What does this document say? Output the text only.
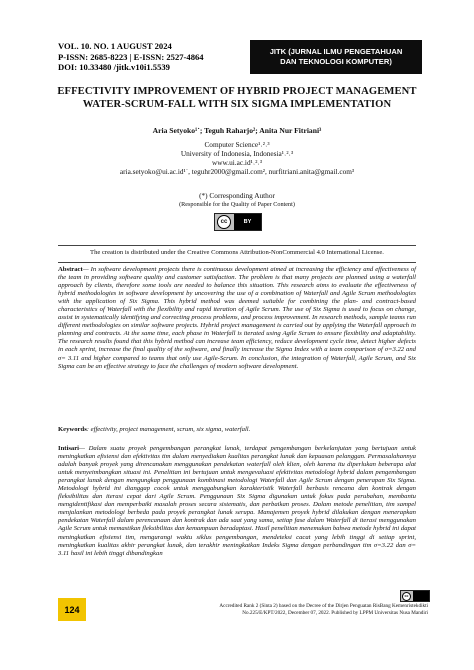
VOL. 10. NO. 1 AUGUST 2024
P-ISSN: 2685-8223 | E-ISSN: 2527-4864
DOI: 10.33480 /jitk.v10i1.5539
JITK (JURNAL ILMU PENGETAHUAN
DAN TEKNOLOGI KOMPUTER)
EFFECTIVITY IMPROVEMENT OF HYBRID PROJECT MANAGEMENT
WATER-SCRUM-FALL WITH SIX SIGMA IMPLEMENTATION
Aria Setyoko¹˙; Teguh Raharjo²; Anita Nur Fitriani³
Computer Science¹˒²˒³
University of Indonesia, Indonesia¹˒²˒³
www.ui.ac.id¹˒²˒³
aria.setyoko@ui.ac.id¹˙, teguhr2000@gmail.com², nurfitriani.anita@gmail.com³
(*) Corresponding Author
(Responsible for the Quality of Paper Content)
cc	BY
The creation is distributed under the Creative Commons Attribution-NonCommercial 4.0 International License.
Abstract— In software development projects there is continuous development aimed at increasing the efficiency and effectiveness of the team in providing software quality and customer satisfaction. The problem is that many projects are planned using a waterfall approach by clients, therefore some tools are needed to balance this situation. This research aims to evaluate the effectiveness of hybrid methodologies in software development by uncovering the use of a combination of Waterfall and Agile Scrum methodologies with the application of Six Sigma. This hybrid method was deemed suitable for combining the plan- and contract-based characteristics of Waterfall with the flexibility and rapid iteration of Agile Scrum. The use of Six Sigma is used to focus on change, assist in systematically identifying and correcting process problems, and process improvement. In research methods, sample teams run different methodologies on similar software projects. Hybrid project management is carried out by applying the Waterfall approach in planning and contracts. At the same time, each phase in Waterfall is iterated using Agile Scrum to ensure flexibility and adaptability. The research results found that this hybrid method can increase team efficiency, reduce development cycle time, detect higher defects in each sprint, increase the final quality of the software, and finally increase the Sigma Index with a team comparison of σ=3.22 and σ= 3.11 and higher compared to teams that only use Agile-Scrum. In conclusion, the integration of Waterfall, Agile Scrum, and Six Sigma can be an effective strategy to face the challenges of modern software development.
Keywords: effectivity, project management, scrum, six sigma, waterfall.
Intisari— Dalam suatu proyek pengembangan perangkat lunak, terdapat pengembangan berkelanjutan yang bertujuan untuk meningkatkan efisiensi dan efektivitas tim dalam menyediakan kualitas perangkat lunak dan kepuasan pelanggan. Permasalahannya adalah banyak proyek yang direncanakan menggunakan pendekatan waterfall oleh klien, oleh karena itu diperlukan beberapa alat untuk menyeimbangkan situasi ini. Penelitian ini bertujuan untuk mengevaluasi efektivitas metodologi hybrid dalam pengembangan perangkat lunak dengan mengungkap penggunaan kombinasi metodologi Waterfall dan Agile Scrum dengan penerapan Six Sigma. Metodologi hybrid ini dianggap cocok untuk menggabungkan karakteristik Waterfall berbasis rencana dan kontrak dengan fleksibilitas dan iterasi cepat dari Agile Scrum. Penggunaan Six Sigma digunakan untuk fokus pada perubahan, membantu mengidentifikasi dan memperbaiki masalah proses secara sistematis, dan perbaikan proses. Dalam metode penelitian, tim sampel menjalankan metodologi berbeda pada proyek perangkat lunak serupa. Manajemen proyek hybrid dilakukan dengan menerapkan pendekatan Waterfall dalam perencanaan dan kontrak dan ada saat yang sama, setiap fase dalam Waterfall di iterasi menggunakan Agile Scrum untuk memastikan fleksibilitas dan kemampuan beradaptasi. Hasil penelitian menemukan bahwa metode hybrid ini dapat meningkatkan efisiensi tim, mengurangi waktu siklus pengembangan, mendeteksi cacat yang lebih tinggi di setiap sprint, meningkatkan kualitas akhir perangkat lunak, dan terakhir meningkatkan Indeks Sigma dengan perbandingan tim σ=3.22 dan σ= 3.11 hasil ini lebih tinggi dibandingkan
cc
124	Accredited Rank 2 (Sinta 2) based on the Decree of the Dirjen Penguatan RisBang Kemenristekdikti
No.225/E/KPT/2022, December 07, 2022. Published by LPPM Universitas Nusa Mandiri
